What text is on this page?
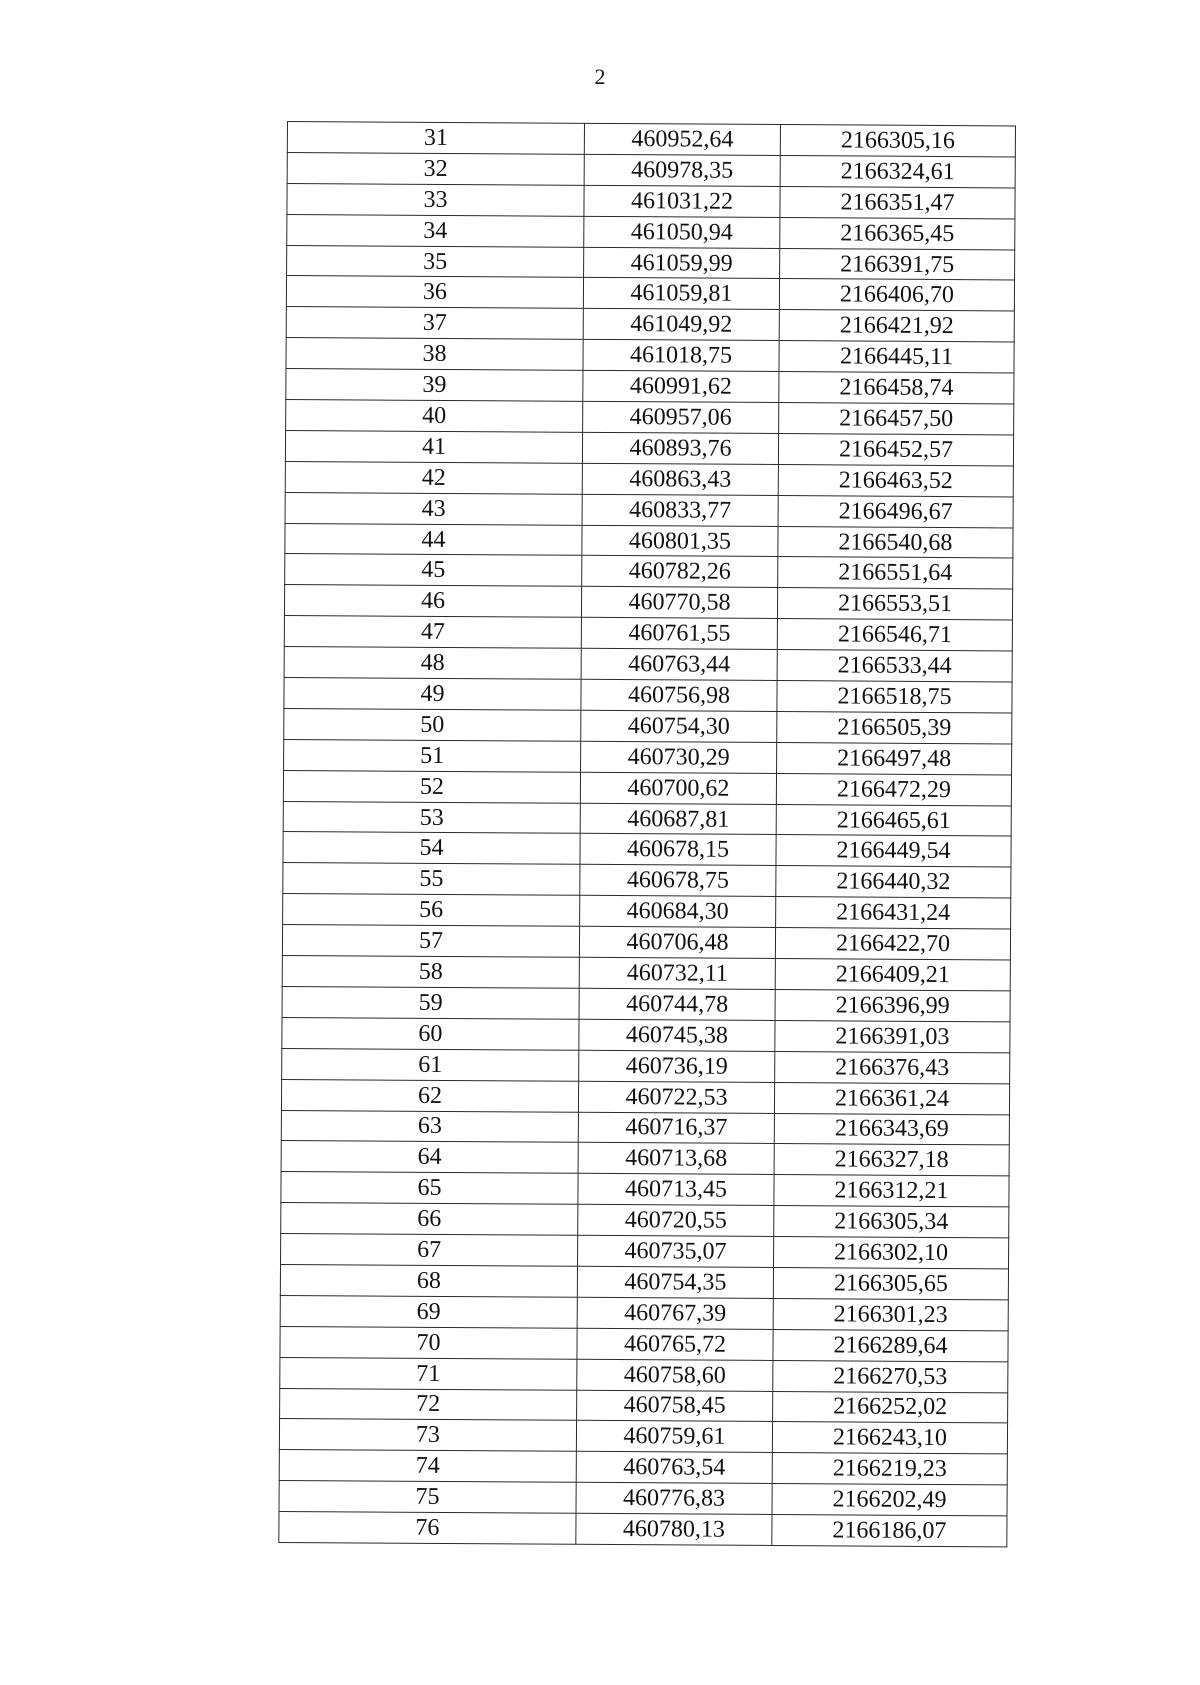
2
31	460952,64	2166305,16
32	460978,35	2166324,61
33	461031,22	2166351,47
34	461050,94	2166365,45
35	461059,99	2166391,75
36	461059,81	2166406,70
37	461049,92	2166421,92
38	461018,75	2166445,11
39	460991,62	2166458,74
40	460957,06	2166457,50
41	460893,76	2166452,57
42	460863,43	2166463,52
43	460833,77	2166496,67
44	460801,35	2166540,68
45	460782,26	2166551,64
46	460770,58	2166553,51
47	460761,55	2166546,71
48	460763,44	2166533,44
49	460756,98	2166518,75
50	460754,30	2166505,39
51	460730,29	2166497,48
52	460700,62	2166472,29
53	460687,81	2166465,61
54	460678,15	2166449,54
55	460678,75	2166440,32
56	460684,30	2166431,24
57	460706,48	2166422,70
58	460732,11	2166409,21
59	460744,78	2166396,99
60	460745,38	2166391,03
61	460736,19	2166376,43
62	460722,53	2166361,24
63	460716,37	2166343,69
64	460713,68	2166327,18
65	460713,45	2166312,21
66	460720,55	2166305,34
67	460735,07	2166302,10
68	460754,35	2166305,65
69	460767,39	2166301,23
70	460765,72	2166289,64
71	460758,60	2166270,53
72	460758,45	2166252,02
73	460759,61	2166243,10
74	460763,54	2166219,23
75	460776,83	2166202,49
76	460780,13	2166186,07
